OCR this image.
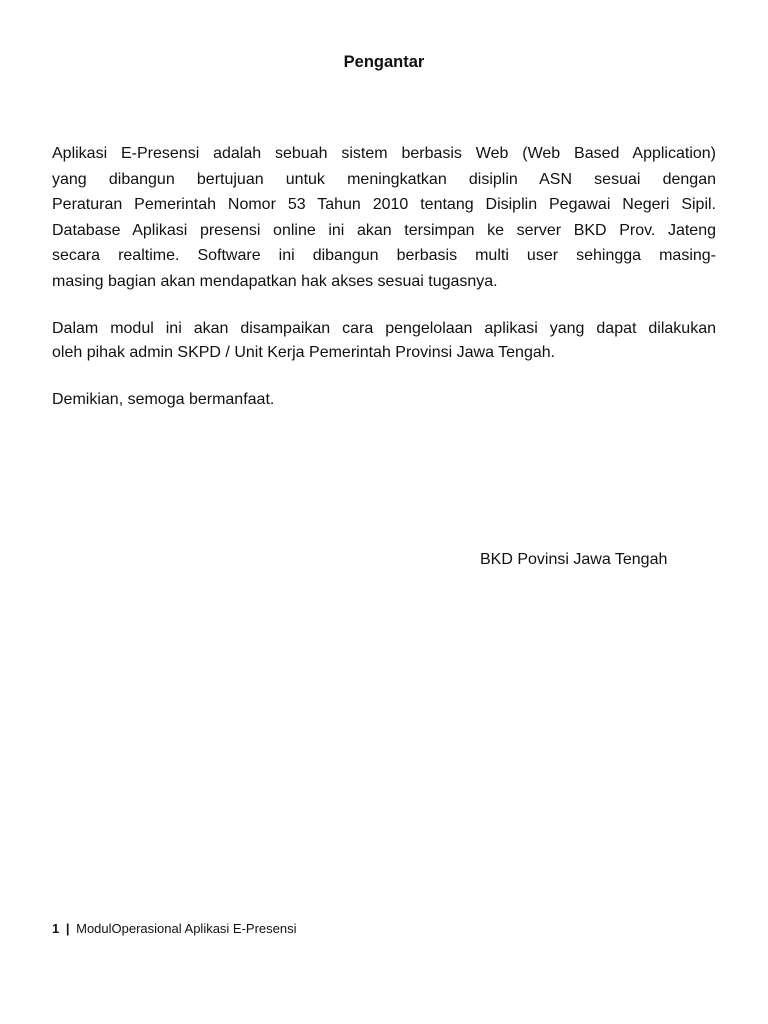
Pengantar
Aplikasi E-Presensi adalah sebuah sistem berbasis Web (Web Based Application)
yang dibangun bertujuan untuk meningkatkan disiplin ASN sesuai dengan
Peraturan Pemerintah Nomor 53 Tahun 2010 tentang Disiplin Pegawai Negeri Sipil.
Database Aplikasi presensi online ini akan tersimpan ke server BKD Prov. Jateng
secara realtime. Software ini dibangun berbasis multi user sehingga masing-
masing bagian akan mendapatkan hak akses sesuai tugasnya.
Dalam modul ini akan disampaikan cara pengelolaan aplikasi yang dapat dilakukan
oleh pihak admin SKPD / Unit Kerja Pemerintah Provinsi Jawa Tengah.
Demikian, semoga bermanfaat.
BKD Povinsi Jawa Tengah
1 | ModulOperasional Aplikasi E-Presensi
